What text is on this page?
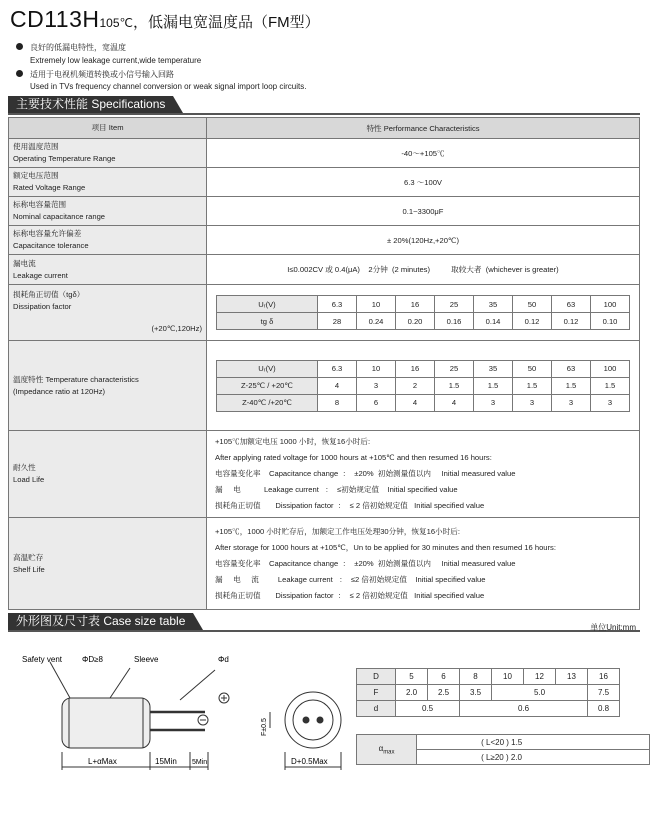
CD113H105℃，低漏电宽温度品（FM型）
良好的低漏电特性，宽温度
Extremely low leakage current,wide temperature
适用于电视机频道转换或小信号输入回路
Used in TVs frequency channel conversion or weak signal import loop circuits.
主要技术性能 Specifications
项目 Item	特性 Performance Characteristics

使用温度范围
Operating Temperature Range
	-40～+105℃

额定电压范围
Rated Voltage Range
	6.3 ～100V

标称电容量范围
Nominal capacitance range
	0.1~3300μF

标称电容量允许偏差
Capacitance tolerance
	± 20%(120Hz,+20℃)

漏电流
Leakage current
	I≤0.002CV 或 0.4(μA)    2分钟  (2 minutes)          取较大者  (whichever is greater)

损耗角正切值（tgδ）
Dissipation factor
(+20℃,120Hz)

Uᵣ(V)	6.3	10	16	25	35	50	63	100
tg δ	28	0.24	0.20	0.16	0.14	0.12	0.12	0.10

温度特性 Temperature characteristics
(Impedance ratio at 120Hz)

Uᵣ(V)	6.3	10	16	25	35	50	63	100
Z-25℃ / +20℃	4	3	2	1.5	1.5	1.5	1.5	1.5
Z-40℃ /+20℃	8	6	4	4	3	3	3	3

耐久性
Load Life

+105℃加额定电压 1000 小时，恢复16小时后:
After applying rated voltage for 1000 hours at +105℃ and then resumed 16 hours:
电容量变化率    Capacitance change  ：  ±20%  初始测量值以内     Initial measured value
漏     电           Leakage current   ：  ≤初始规定值    Initial specified value
损耗角正切值       Dissipation factor  ：  ≤ 2 倍初始规定值   Initial specified value

高温贮存
Shelf Life

+105℃，1000 小时贮存后，加额定工作电压处理30分钟，恢复16小时后:
After storage for 1000 hours at +105℃，Un to be applied for 30 minutes and then resumed 16 hours:
电容量变化率    Capacitance change  ：  ±20%  初始测量值以内     Initial measured value
漏     电     流         Leakage current   ：  ≤2 倍初始规定值    Initial specified value
损耗角正切值       Dissipation factor  ：  ≤ 2 倍初始规定值   Initial specified value
外形图及尺寸表 Case size table	单位Unit:mm
Safety vent ΦD≥8	Sleeve	Φd
L+αMax	15Min 5Min	D+0.5Max
F±0.5
D	5	6	8	10	12	13	16
F	2.0	2.5	3.5	5.0			7.5
d	0.5		0.6				0.8
$\alpha_{max}$	( L<20 ) 1.5
( L≥20 ) 2.0
